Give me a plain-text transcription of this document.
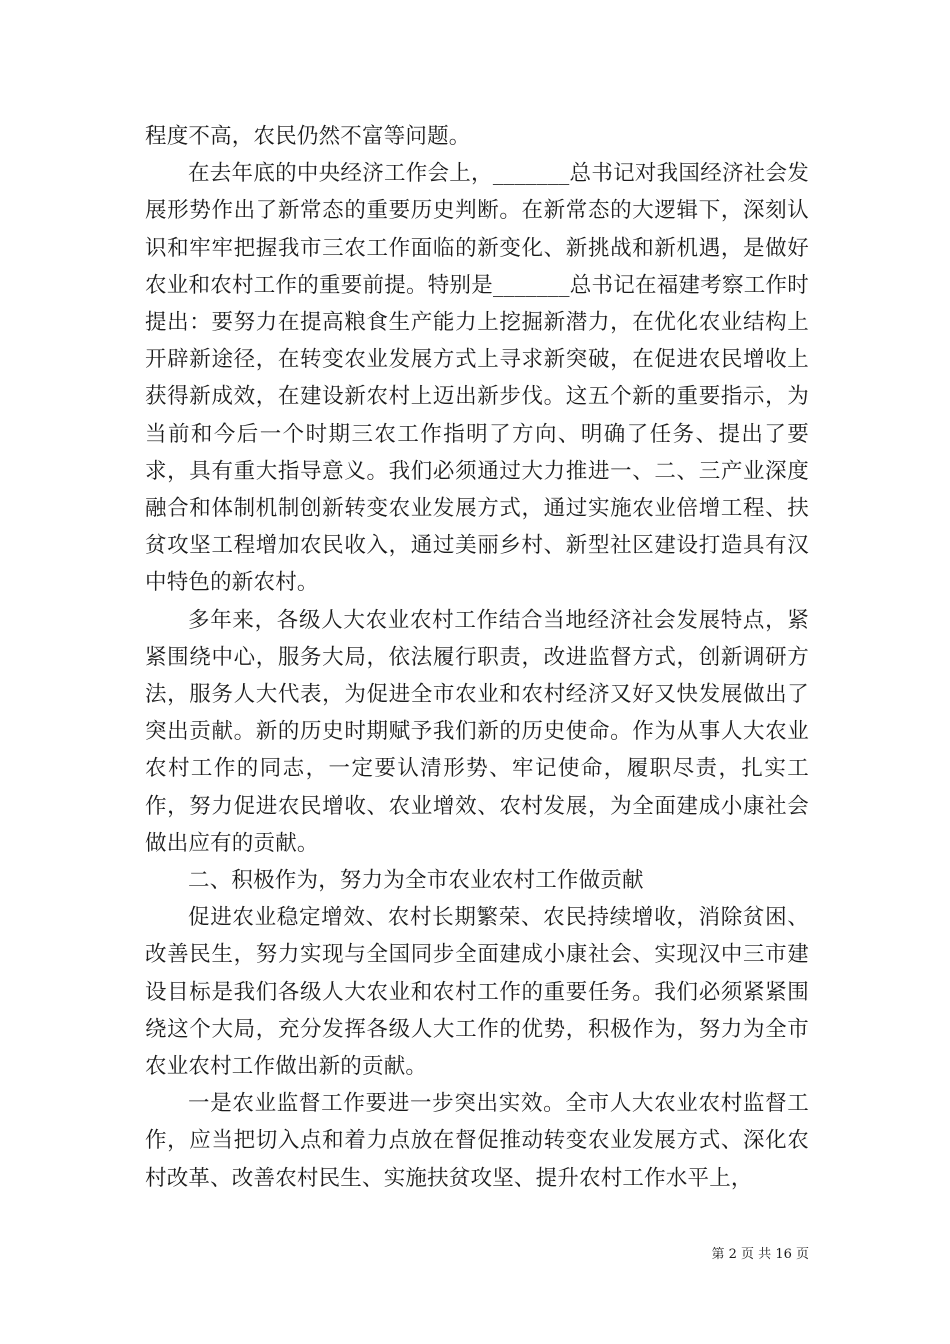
程度不高，农民仍然不富等问题。

在去年底的中央经济工作会上，_______总书记对我国经济社会发展形势作出了新常态的重要历史判断。在新常态的大逻辑下，深刻认识和牢牢把握我市三农工作面临的新变化、新挑战和新机遇，是做好农业和农村工作的重要前提。特别是_______总书记在福建考察工作时提出：要努力在提高粮食生产能力上挖掘新潜力，在优化农业结构上开辟新途径，在转变农业发展方式上寻求新突破，在促进农民增收上获得新成效，在建设新农村上迈出新步伐。这五个新的重要指示，为当前和今后一个时期三农工作指明了方向、明确了任务、提出了要求，具有重大指导意义。我们必须通过大力推进一、二、三产业深度融合和体制机制创新转变农业发展方式，通过实施农业倍增工程、扶贫攻坚工程增加农民收入，通过美丽乡村、新型社区建设打造具有汉中特色的新农村。

多年来，各级人大农业农村工作结合当地经济社会发展特点，紧紧围绕中心，服务大局，依法履行职责，改进监督方式，创新调研方法，服务人大代表，为促进全市农业和农村经济又好又快发展做出了突出贡献。新的历史时期赋予我们新的历史使命。作为从事人大农业农村工作的同志，一定要认清形势、牢记使命，履职尽责，扎实工作，努力促进农民增收、农业增效、农村发展，为全面建成小康社会做出应有的贡献。

二、积极作为，努力为全市农业农村工作做贡献

促进农业稳定增效、农村长期繁荣、农民持续增收，消除贫困、改善民生，努力实现与全国同步全面建成小康社会、实现汉中三市建设目标是我们各级人大农业和农村工作的重要任务。我们必须紧紧围绕这个大局，充分发挥各级人大工作的优势，积极作为，努力为全市农业农村工作做出新的贡献。

一是农业监督工作要进一步突出实效。全市人大农业农村监督工作，应当把切入点和着力点放在督促推动转变农业发展方式、深化农村改革、改善农村民生、实施扶贫攻坚、提升农村工作水平上，

第 2 页 共 16 页
